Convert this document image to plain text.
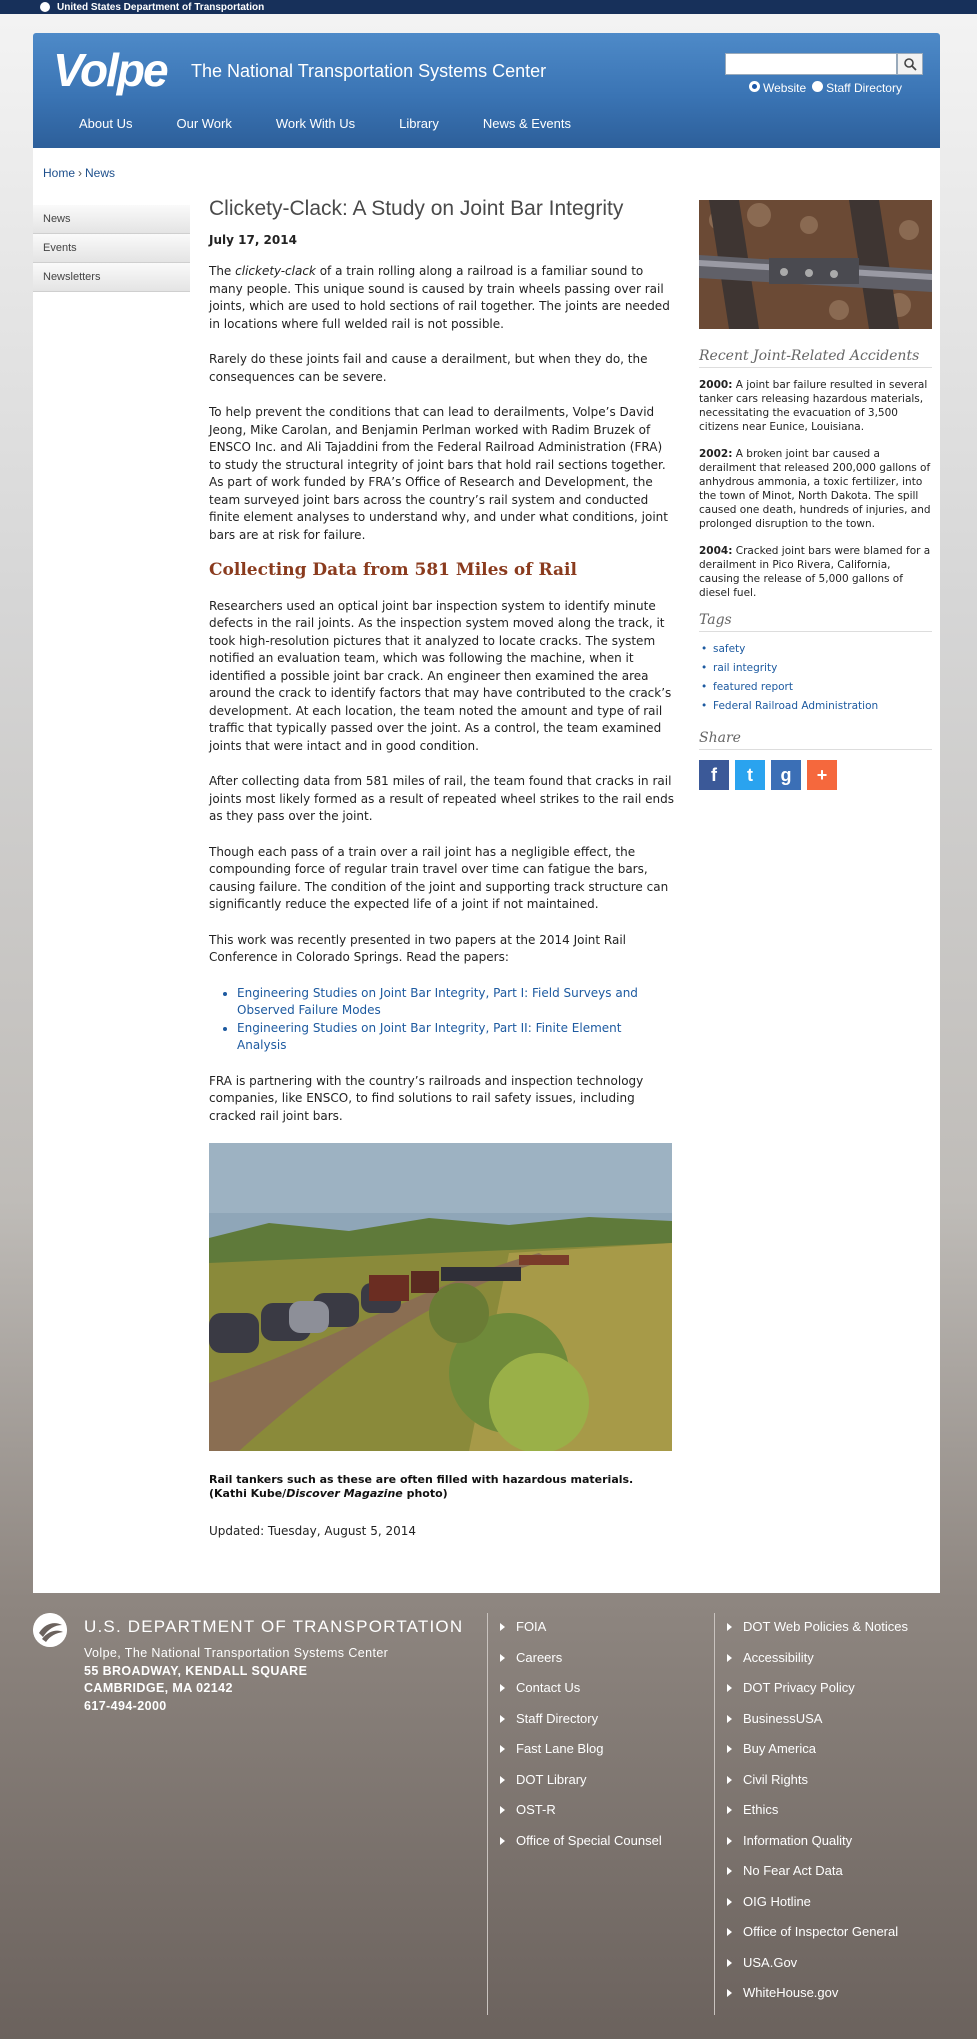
United States Department of Transportation
Volpe The National Transportation Systems Center
Website	Staff Directory
About Us	Our Work	Work With Us	Library	News & Events
Home › News
News
Events
Newsletters
Clickety-Clack: A Study on Joint Bar Integrity
July 17, 2014

The clickety-clack of a train rolling along a railroad is a familiar sound to many people. This unique sound is caused by train wheels passing over rail joints, which are used to hold sections of rail together. The joints are needed in locations where full welded rail is not possible.

Rarely do these joints fail and cause a derailment, but when they do, the consequences can be severe.

To help prevent the conditions that can lead to derailments, Volpe’s David Jeong, Mike Carolan, and Benjamin Perlman worked with Radim Bruzek of ENSCO Inc. and Ali Tajaddini from the Federal Railroad Administration (FRA) to study the structural integrity of joint bars that hold rail sections together. As part of work funded by FRA’s Office of Research and Development, the team surveyed joint bars across the country’s rail system and conducted finite element analyses to understand why, and under what conditions, joint bars are at risk for failure.

Collecting Data from 581 Miles of Rail

Researchers used an optical joint bar inspection system to identify minute defects in the rail joints. As the inspection system moved along the track, it took high-resolution pictures that it analyzed to locate cracks. The system notified an evaluation team, which was following the machine, when it identified a possible joint bar crack. An engineer then examined the area around the crack to identify factors that may have contributed to the crack’s development. At each location, the team noted the amount and type of rail traffic that typically passed over the joint. As a control, the team examined joints that were intact and in good condition.

After collecting data from 581 miles of rail, the team found that cracks in rail joints most likely formed as a result of repeated wheel strikes to the rail ends as they pass over the joint.

Though each pass of a train over a rail joint has a negligible effect, the compounding force of regular train travel over time can fatigue the bars, causing failure. The condition of the joint and supporting track structure can significantly reduce the expected life of a joint if not maintained.

This work was recently presented in two papers at the 2014 Joint Rail Conference in Colorado Springs. Read the papers:

• Engineering Studies on Joint Bar Integrity, Part I: Field Surveys and Observed Failure Modes
• Engineering Studies on Joint Bar Integrity, Part II: Finite Element Analysis

FRA is partnering with the country’s railroads and inspection technology companies, like ENSCO, to find solutions to rail safety issues, including cracked rail joint bars.

Rail tankers such as these are often filled with hazardous materials. (Kathi Kube/Discover Magazine photo)
Updated: Tuesday, August 5, 2014
Recent Joint-Related Accidents

2000: A joint bar failure resulted in several tanker cars releasing hazardous materials, necessitating the evacuation of 3,500 citizens near Eunice, Louisiana.

2002: A broken joint bar caused a derailment that released 200,000 gallons of anhydrous ammonia, a toxic fertilizer, into the town of Minot, North Dakota. The spill caused one death, hundreds of injuries, and prolonged disruption to the town.

2004: Cracked joint bars were blamed for a derailment in Pico Rivera, California, causing the release of 5,000 gallons of diesel fuel.

Tags
• safety
• rail integrity
• featured report
• Federal Railroad Administration
Share
f	t	g	+
U.S. DEPARTMENT OF TRANSPORTATION
Volpe, The National Transportation Systems Center
55 BROADWAY, KENDALL SQUARE
CAMBRIDGE, MA 02142
617-494-2000
FOIA
Careers
Contact Us
Staff Directory
Fast Lane Blog
DOT Library
OST-R
Office of Special Counsel
DOT Web Policies & Notices
Accessibility
DOT Privacy Policy
BusinessUSA
Buy America
Civil Rights
Ethics
Information Quality
No Fear Act Data
OIG Hotline
Office of Inspector General
USA.Gov
WhiteHouse.gov
